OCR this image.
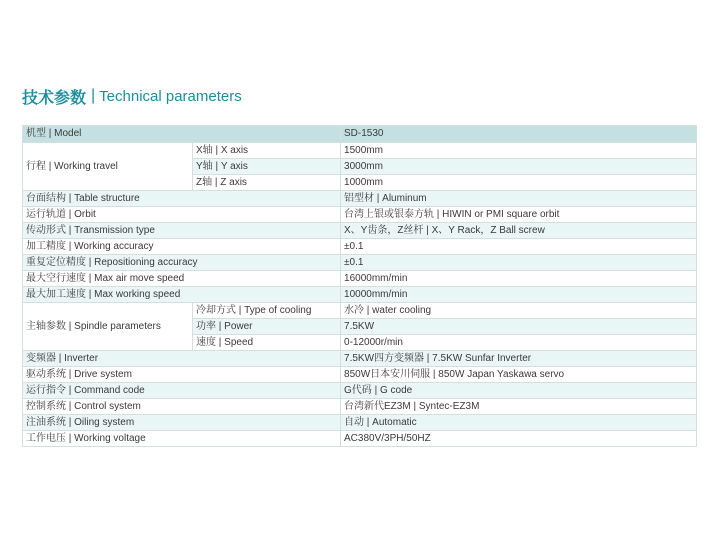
技术参数 | Technical parameters
机型 | Model		SD-1530
行程 | Working travel	X轴 | X axis	1500mm
	Y轴 | Y axis	3000mm
	Z轴 | Z axis	1000mm
台面结构 | Table structure		铝型材 | Aluminum
运行轨道 | Orbit		台湾上银或银泰方轨 | HIWIN or PMI square orbit
传动形式 | Transmission type		X、Y齿条，Z丝杆 | X、Y Rack，Z Ball screw
加工精度 | Working accuracy		±0.1
重复定位精度 | Repositioning accuracy		±0.1
最大空行速度 | Max air move speed		16000mm/min
最大加工速度 | Max working speed		10000mm/min
主轴参数 | Spindle parameters	冷却方式 | Type of cooling	水冷 | water cooling
	功率 | Power	7.5KW
	速度 | Speed	0-12000r/min
变频器 | Inverter		7.5KW四方变频器 | 7.5KW Sunfar Inverter
驱动系统 | Drive system		850W日本安川伺服 | 850W Japan Yaskawa servo
运行指令 | Command code		G代码 | G code
控制系统 | Control system		台湾新代EZ3M | Syntec-EZ3M
注油系统 | Oiling system		自动 | Automatic
工作电压 | Working voltage		AC380V/3PH/50HZ
